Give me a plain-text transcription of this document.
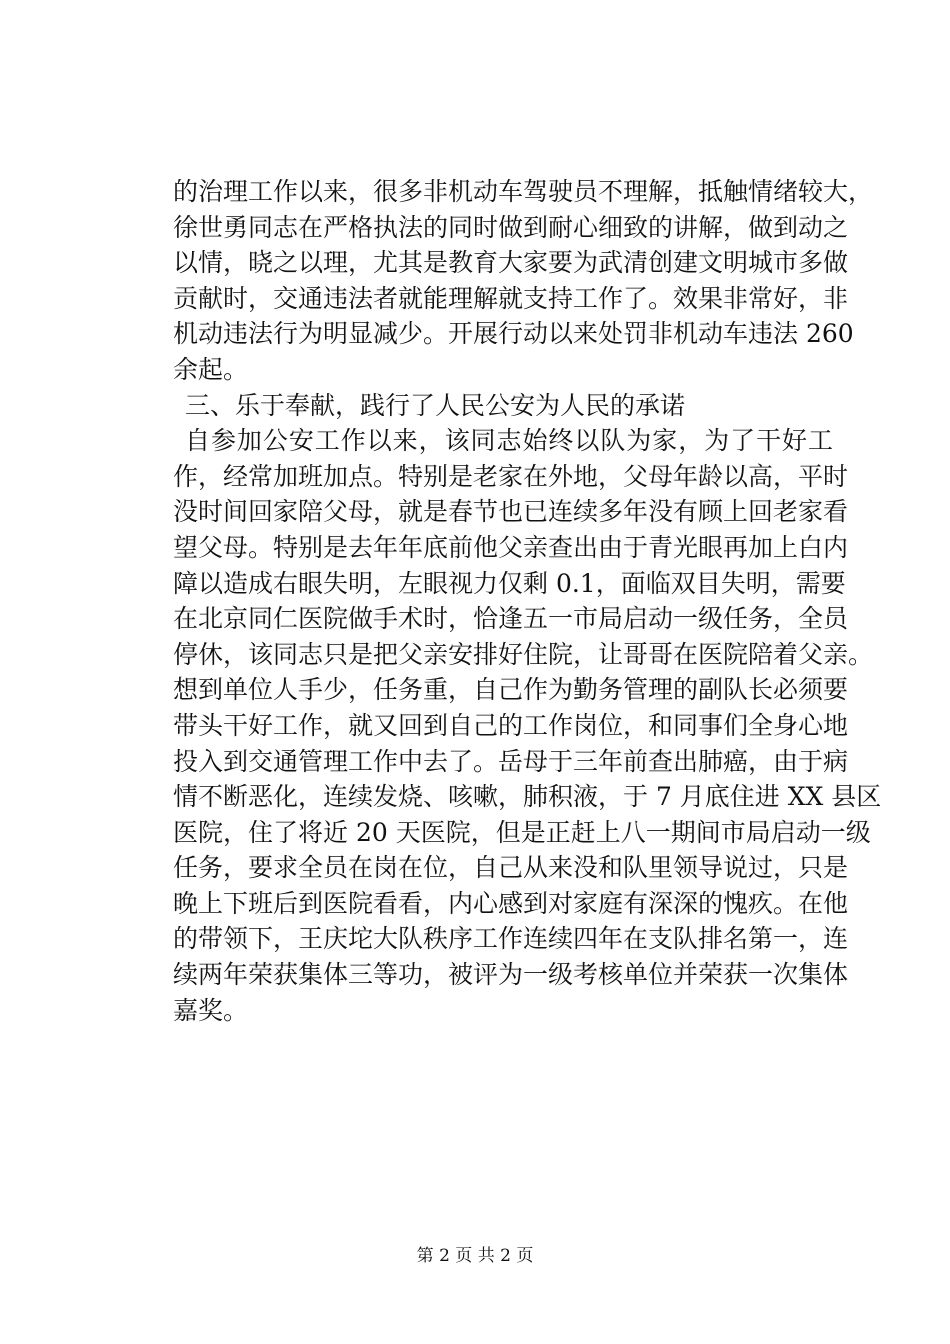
的治理工作以来，很多非机动车驾驶员不理解，抵触情绪较大，
徐世勇同志在严格执法的同时做到耐心细致的讲解，做到动之
以情，晓之以理，尤其是教育大家要为武清创建文明城市多做
贡献时，交通违法者就能理解就支持工作了。效果非常好，非
机动违法行为明显减少。开展行动以来处罚非机动车违法 260
余起。
三、乐于奉献，践行了人民公安为人民的承诺
自参加公安工作以来，该同志始终以队为家，为了干好工
作，经常加班加点。特别是老家在外地，父母年龄以高，平时
没时间回家陪父母，就是春节也已连续多年没有顾上回老家看
望父母。特别是去年年底前他父亲查出由于青光眼再加上白内
障以造成右眼失明，左眼视力仅剩 0.1，面临双目失明，需要
在北京同仁医院做手术时，恰逢五一市局启动一级任务，全员
停休，该同志只是把父亲安排好住院，让哥哥在医院陪着父亲。
想到单位人手少，任务重，自己作为勤务管理的副队长必须要
带头干好工作，就又回到自己的工作岗位，和同事们全身心地
投入到交通管理工作中去了。岳母于三年前查出肺癌，由于病
情不断恶化，连续发烧、咳嗽，肺积液，于 7 月底住进 XX 县区
医院，住了将近 20 天医院，但是正赶上八一期间市局启动一级
任务，要求全员在岗在位，自己从来没和队里领导说过，只是
晚上下班后到医院看看，内心感到对家庭有深深的愧疚。在他
的带领下，王庆坨大队秩序工作连续四年在支队排名第一，连
续两年荣获集体三等功，被评为一级考核单位并荣获一次集体
嘉奖。
第 2 页 共 2 页
